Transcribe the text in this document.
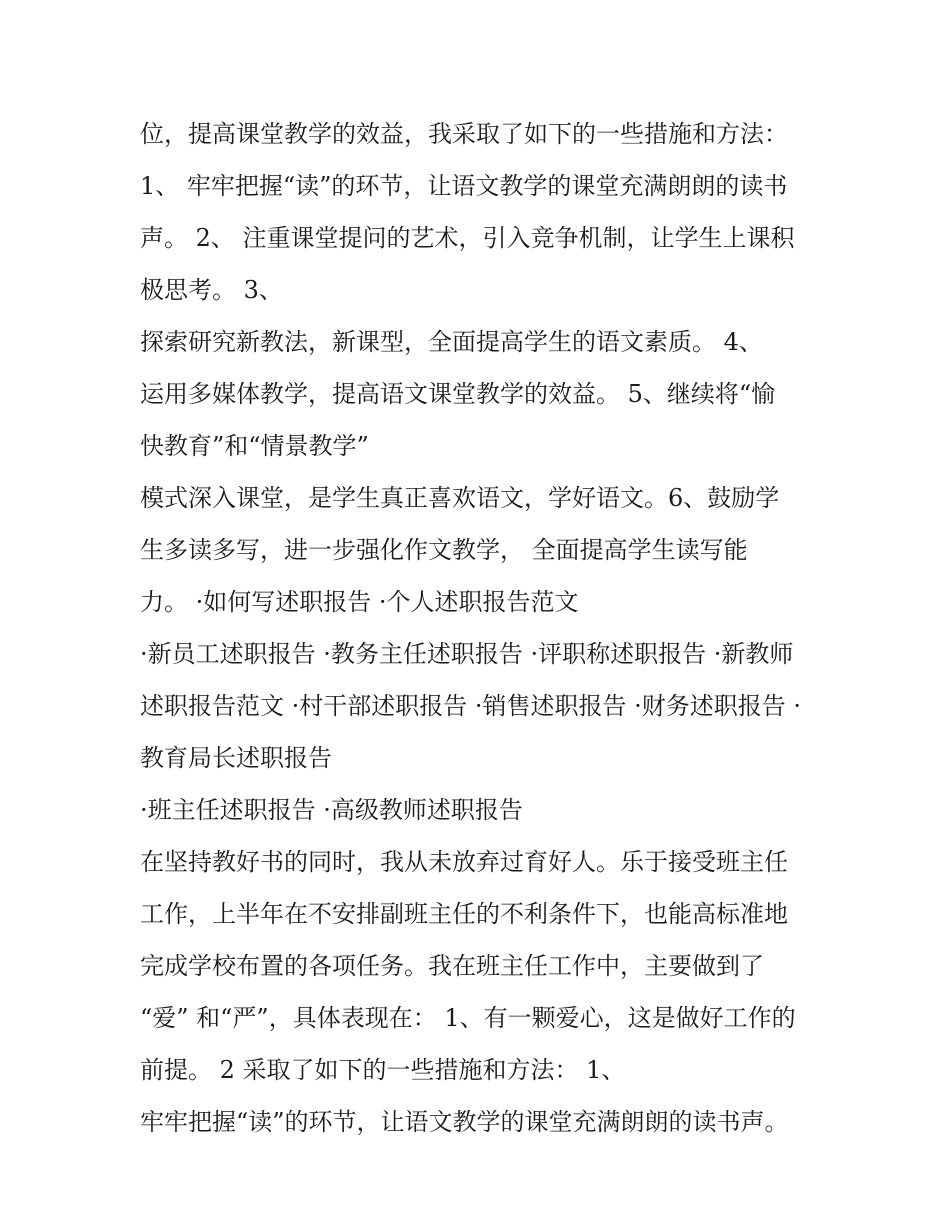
位，提高课堂教学的效益，我采取了如下的一些措施和方法：
1、 牢牢把握“读”的环节，让语文教学的课堂充满朗朗的读书
声。 2、 注重课堂提问的艺术，引入竞争机制，让学生上课积
极思考。 3、
探索研究新教法，新课型，全面提高学生的语文素质。 4、
运用多媒体教学，提高语文课堂教学的效益。 5、继续将“愉
快教育”和“情景教学”
模式深入课堂，是学生真正喜欢语文，学好语文。6、鼓励学
生多读多写，进一步强化作文教学， 全面提高学生读写能
力。 ·如何写述职报告 ·个人述职报告范文
·新员工述职报告 ·教务主任述职报告 ·评职称述职报告 ·新教师
述职报告范文 ·村干部述职报告 ·销售述职报告 ·财务述职报告 ·
教育局长述职报告
·班主任述职报告 ·高级教师述职报告
在坚持教好书的同时，我从未放弃过育好人。乐于接受班主任
工作，上半年在不安排副班主任的不利条件下，也能高标准地
完成学校布置的各项任务。我在班主任工作中，主要做到了
“爱” 和“严”，具体表现在： 1、有一颗爱心，这是做好工作的
前提。 2 采取了如下的一些措施和方法： 1、
牢牢把握“读”的环节，让语文教学的课堂充满朗朗的读书声。
